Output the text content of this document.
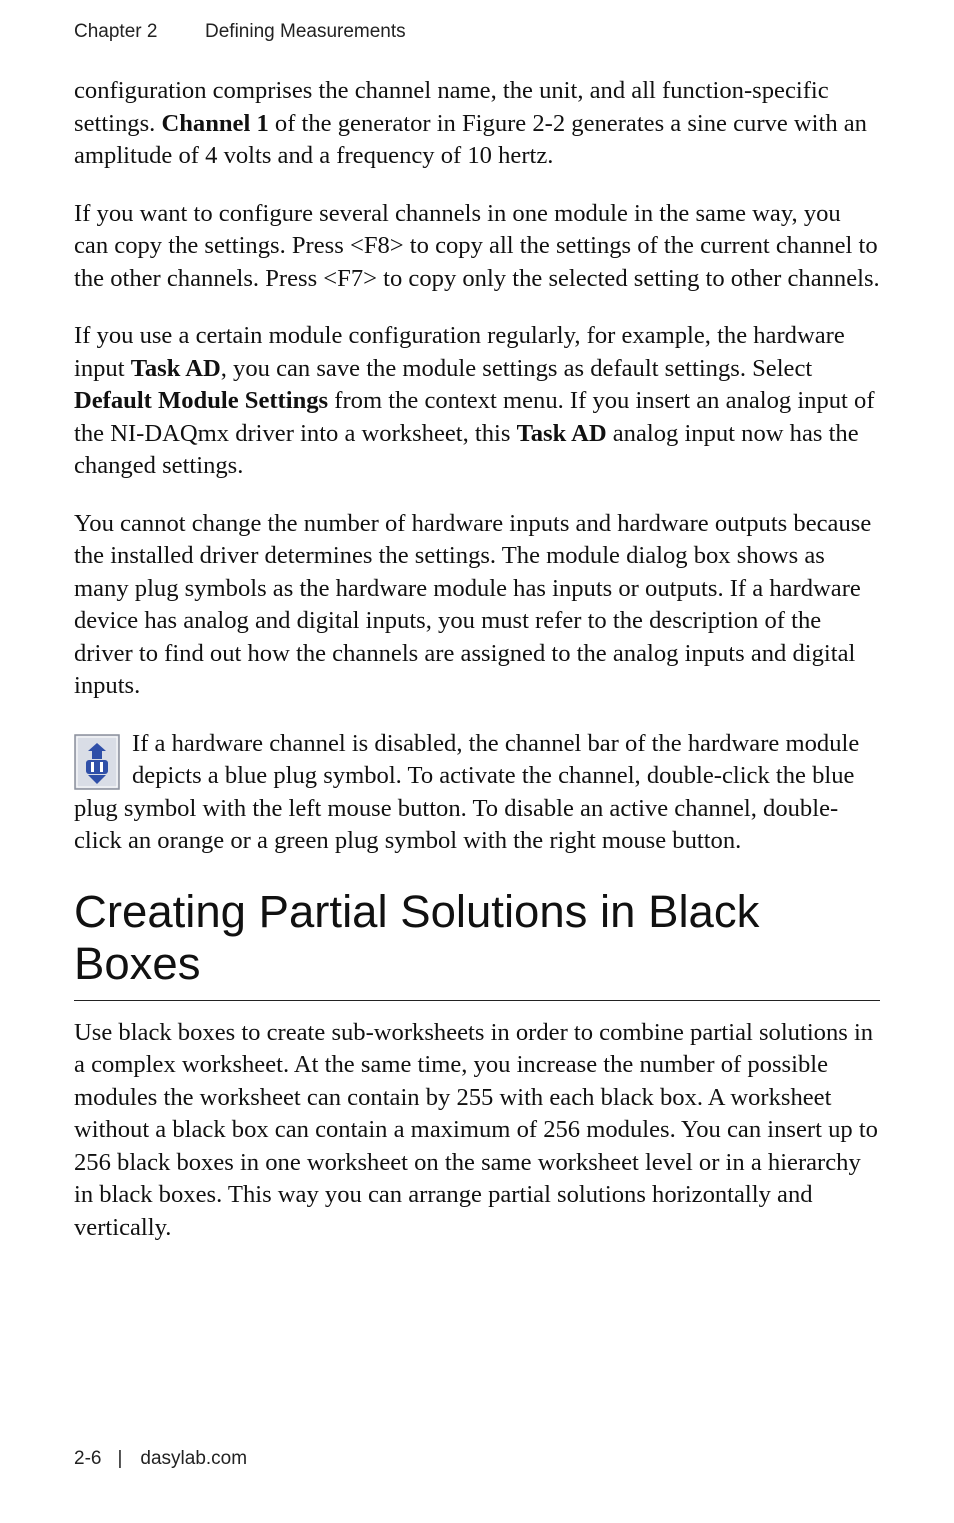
Chapter 2	Defining Measurements

configuration comprises the channel name, the unit, and all function-specific settings. Channel 1 of the generator in Figure 2-2 generates a sine curve with an amplitude of 4 volts and a frequency of 10 hertz.

If you want to configure several channels in one module in the same way, you can copy the settings. Press <F8> to copy all the settings of the current channel to the other channels. Press <F7> to copy only the selected setting to other channels.

If you use a certain module configuration regularly, for example, the hardware input Task AD, you can save the module settings as default settings. Select Default Module Settings from the context menu. If you insert an analog input of the NI-DAQmx driver into a worksheet, this Task AD analog input now has the changed settings.

You cannot change the number of hardware inputs and hardware outputs because the installed driver determines the settings. The module dialog box shows as many plug symbols as the hardware module has inputs or outputs. If a hardware device has analog and digital inputs, you must refer to the description of the driver to find out how the channels are assigned to the analog inputs and digital inputs.

If a hardware channel is disabled, the channel bar of the hardware module depicts a blue plug symbol. To activate the channel, double-click the blue plug symbol with the left mouse button. To disable an active channel, double-click an orange or a green plug symbol with the right mouse button.

Creating Partial Solutions in Black Boxes

Use black boxes to create sub-worksheets in order to combine partial solutions in a complex worksheet. At the same time, you increase the number of possible modules the worksheet can contain by 255 with each black box. A worksheet without a black box can contain a maximum of 256 modules. You can insert up to 256 black boxes in one worksheet on the same worksheet level or in a hierarchy in black boxes. This way you can arrange partial solutions horizontally and vertically.

2-6 | dasylab.com
